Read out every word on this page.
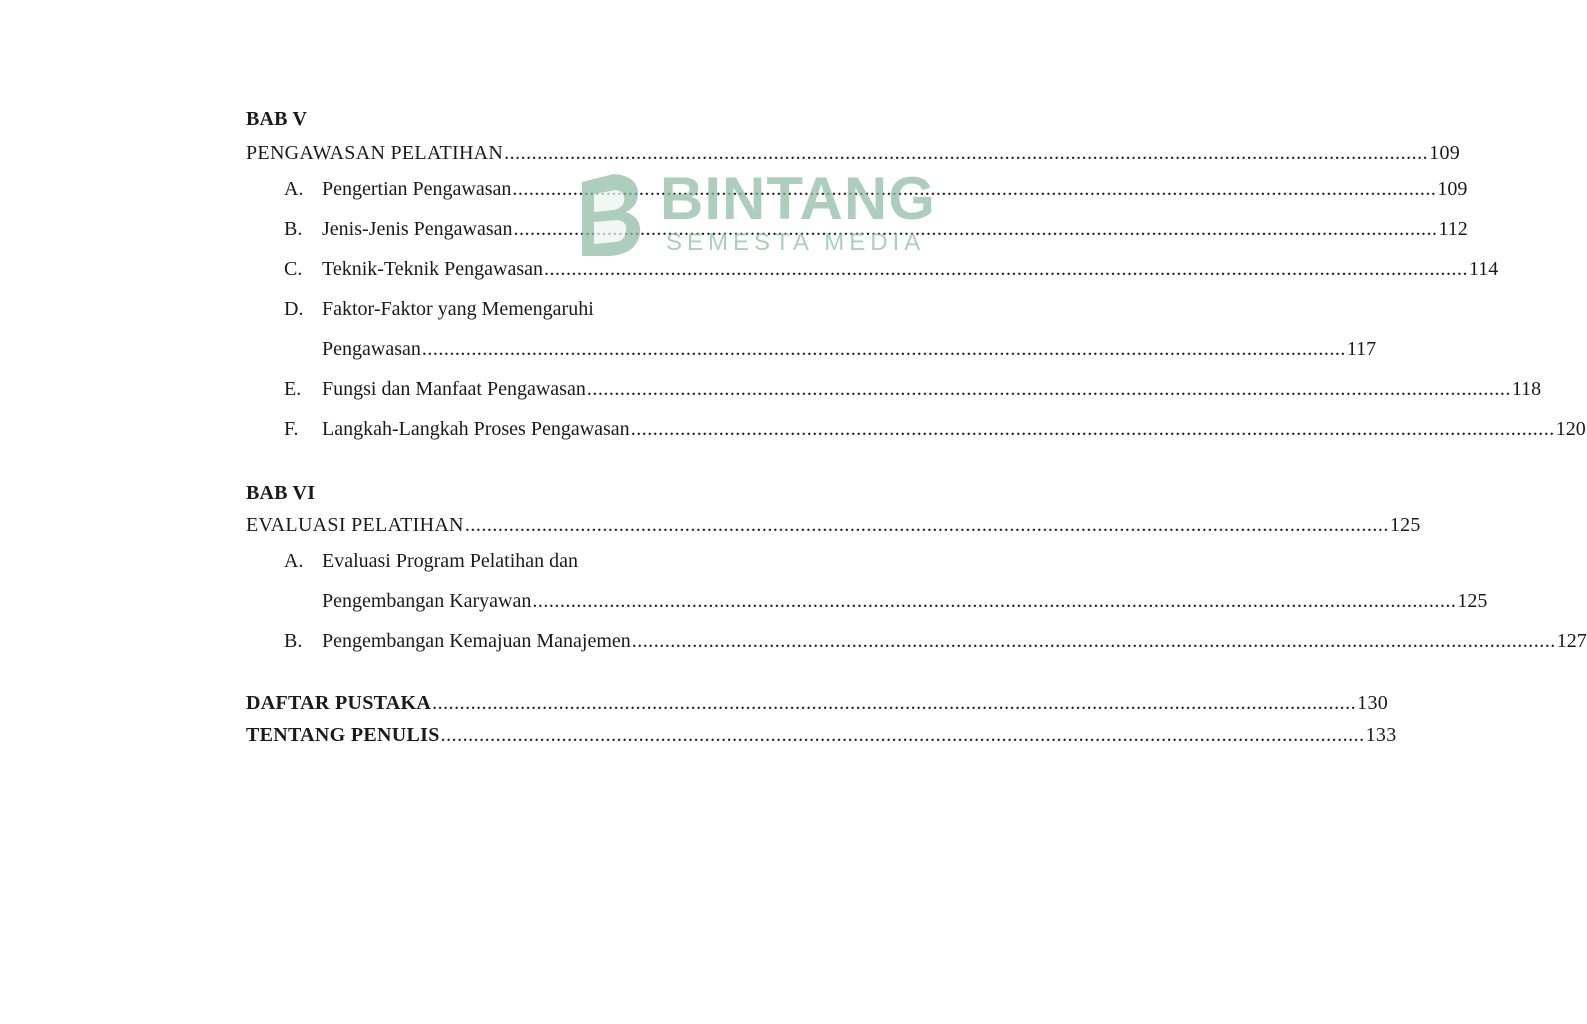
BAB V

PENGAWASAN PELATIHAN .....	109
A. Pengertian Pengawasan .....	109
B. Jenis-Jenis Pengawasan .....	112
C. Teknik-Teknik Pengawasan .....	114
D. Faktor-Faktor yang Memengaruhi
Pengawasan .....	117
E.	Fungsi dan Manfaat Pengawasan .....	118
F.	Langkah-Langkah Proses Pengawasan .....	120

BAB VI

EVALUASI PELATIHAN .....	125
A. Evaluasi Program Pelatihan dan
Pengembangan Karyawan .....	125
B. Pengembangan Kemajuan Manajemen .....	127
DAFTAR PUSTAKA .....	130
TENTANG PENULIS .....	133
BINTANG
SEMESTA MEDIA
